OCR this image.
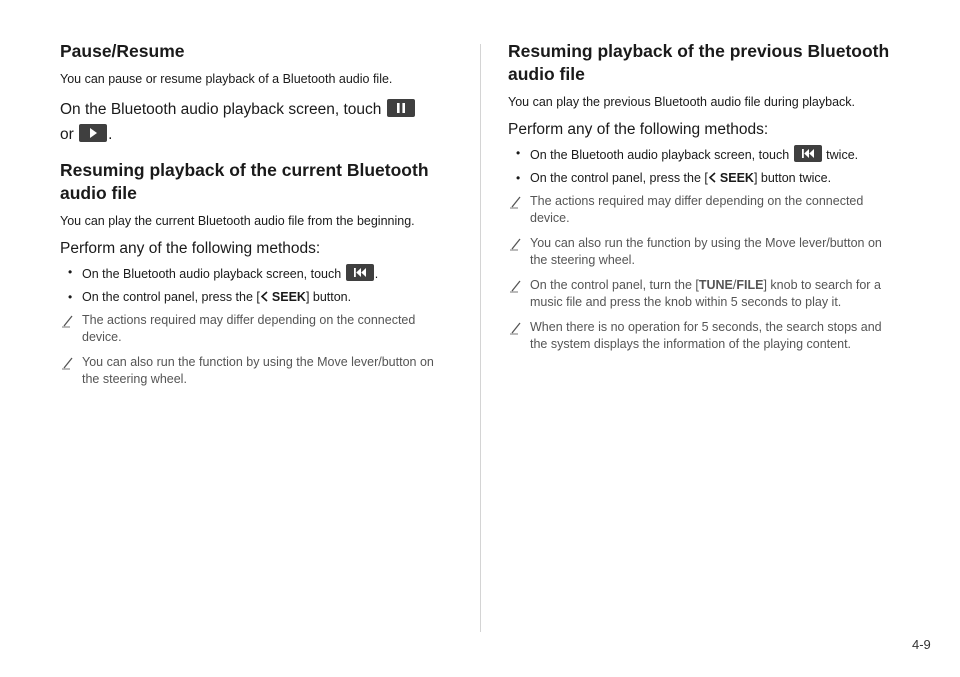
Pause/Resume

You can pause or resume playback of a Bluetooth audio file.

On the Bluetooth audio playback screen, touch

or .

Resuming playback of the current Bluetooth audio file

You can play the current Bluetooth audio file from the beginning.

Perform any of the following methods:

• On the Bluetooth audio playback screen, touch	.
• On the control panel, press the [ SEEK] button.
The actions required may differ depending on the connected device.
You can also run the function by using the Move lever/button on the steering wheel.
Resuming playback of the previous Bluetooth audio file

You can play the previous Bluetooth audio file during playback.

Perform any of the following methods:

• On the Bluetooth audio playback screen, touch	twice.
• On the control panel, press the [ SEEK] button twice.
The actions required may differ depending on the connected device.
You can also run the function by using the Move lever/button on the steering wheel.
On the control panel, turn the [TUNE/FILE] knob to search for a music file and press the knob within 5 seconds to play it.
When there is no operation for 5 seconds, the search stops and the system displays the information of the playing content.
4-9
